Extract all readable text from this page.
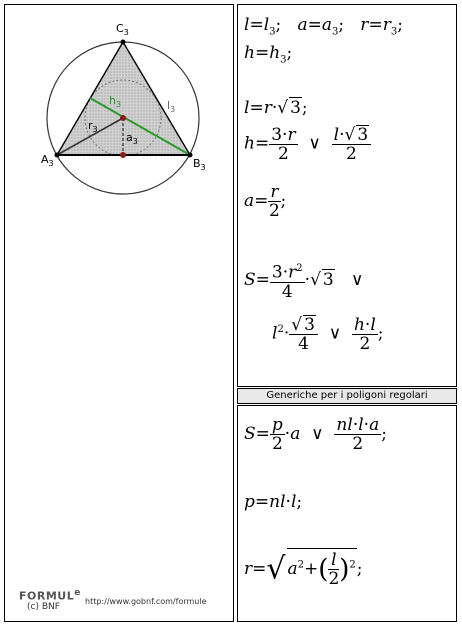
$C_3$
$A_3$	$B_3$
$h_3$	$l_3$
$r_3$
$a_3$
FORMUL$^e$
(c) BNF
http://www.gobnf.com/formule
$l=l_3$;   $a=a_3$;   $r=r_3$;
$h=h_3$;
l=r·√ 3;
$h= \frac{3\cdot r}{2}$ ∨ $\frac{l\cdot√ 3}{2}$
$a= \frac{r}{2}$ ;
$S= \frac{3\cdot r^2}{4}$ ·√ 3 ∨
$l^2\cdot \frac{√ 3}{4}$ ∨ $\frac{h\cdot l}{2}$ ;
Generiche per i poligoni regolari
$S= \frac{p}{2} \cdot a$  ∨ $\frac{nl\cdot l\cdot a}{2}$ ;
p=nl·l;
r=√ $a^2+( \frac{l}{2} )^2$;
